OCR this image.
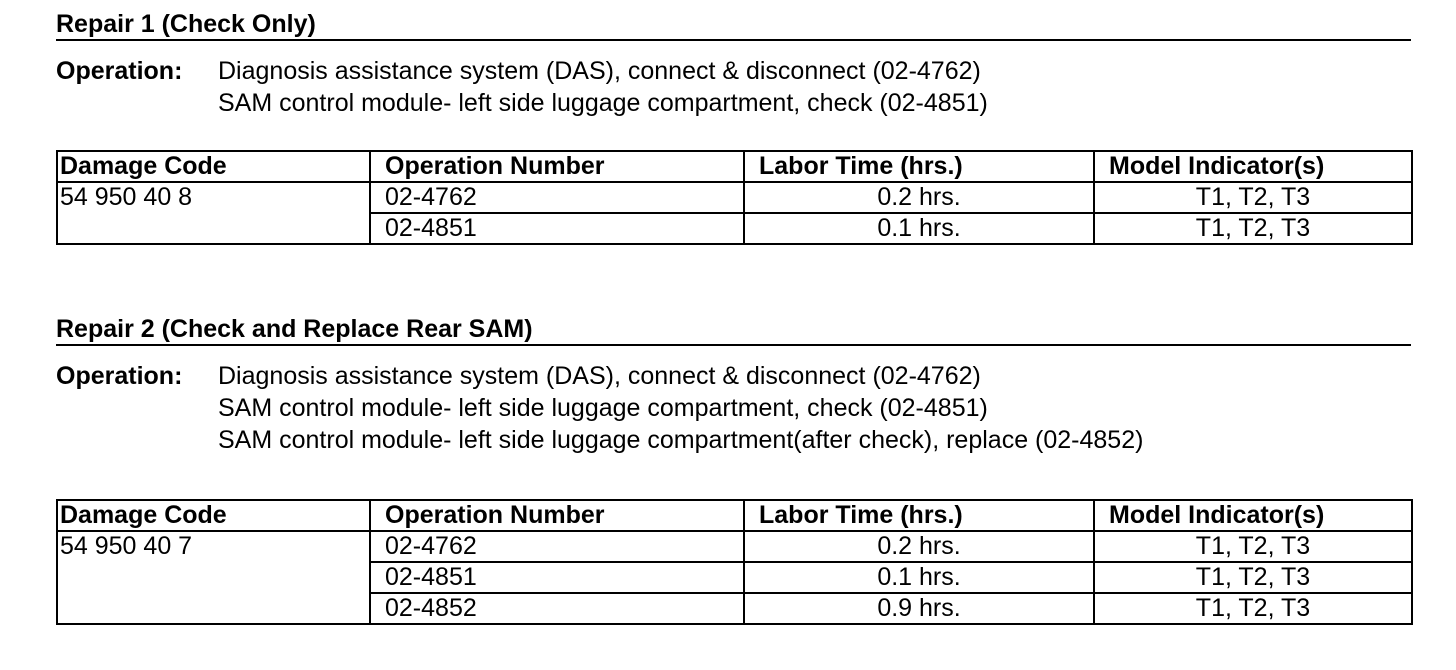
Repair 1 (Check Only)
Operation:	Diagnosis assistance system (DAS), connect & disconnect (02-4762)
SAM control module- left side luggage compartment, check (02-4851)
Damage Code	Operation Number	Labor Time (hrs.)	Model Indicator(s)
54 950 40 8	02-4762	0.2 hrs.	T1, T2, T3
	02-4851	0.1 hrs.	T1, T2, T3
Repair 2 (Check and Replace Rear SAM)
Operation:	Diagnosis assistance system (DAS), connect & disconnect (02-4762)
SAM control module- left side luggage compartment, check (02-4851)
SAM control module- left side luggage compartment(after check), replace (02-4852)
Damage Code	Operation Number	Labor Time (hrs.)	Model Indicator(s)
54 950 40 7	02-4762	0.2 hrs.	T1, T2, T3
	02-4851	0.1 hrs.	T1, T2, T3
	02-4852	0.9 hrs.	T1, T2, T3
